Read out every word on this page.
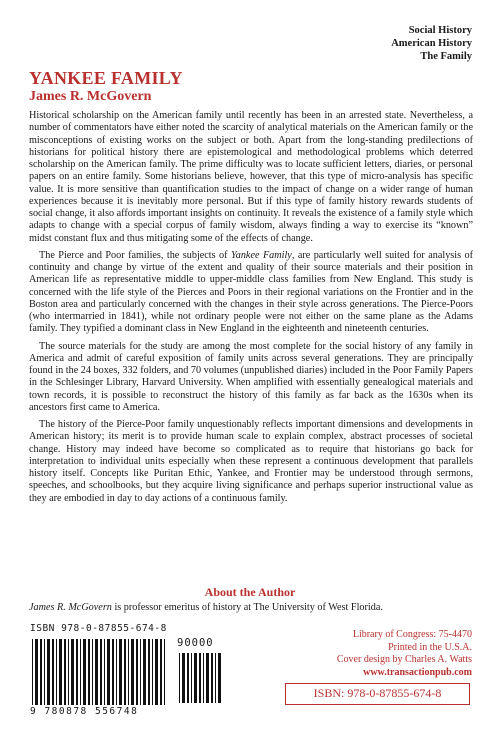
Social History
American History
The Family
YANKEE FAMILY
James R. McGovern

Historical scholarship on the American family until recently has been in an arrested state. Nevertheless, a number of commentators have either noted the scarcity of analytical materials on the American family or the misconceptions of existing works on the subject or both. Apart from the long-standing predilections of historians for political history there are epistemological and methodological problems which deterred scholarship on the American family. The prime difficulty was to locate sufficient letters, diaries, or personal papers on an entire family. Some historians believe, however, that this type of micro-analysis has specific value. It is more sensitive than quantification studies to the impact of change on a wider range of human experiences because it is inevitably more personal. But if this type of family history rewards students of social change, it also affords important insights on continuity. It reveals the existence of a family style which adapts to change with a special corpus of family wisdom, always finding a way to exercise its “known” midst constant flux and thus mitigating some of the effects of change.

The Pierce and Poor families, the subjects of Yankee Family, are particularly well suited for analysis of continuity and change by virtue of the extent and quality of their source materials and their position in American life as representative middle to upper-middle class families from New England. This study is concerned with the life style of the Pierces and Poors in their regional variations on the Frontier and in the Boston area and particularly concerned with the changes in their style across generations. The Pierce-Poors (who intermarried in 1841), while not ordinary people were not either on the same plane as the Adams family. They typified a dominant class in New England in the eighteenth and nineteenth centuries.

The source materials for the study are among the most complete for the social history of any family in America and admit of careful exposition of family units across several generations. They are principally found in the 24 boxes, 332 folders, and 70 volumes (unpublished diaries) included in the Poor Family Papers in the Schlesinger Library, Harvard University. When amplified with essentially genealogical materials and town records, it is possible to reconstruct the history of this family as far back as the 1630s when its ancestors first came to America.

The history of the Pierce-Poor family unquestionably reflects important dimensions and developments in American history; its merit is to provide human scale to explain complex, abstract processes of societal change. History may indeed have become so complicated as to require that historians go back for interpretation to individual units especially when these represent a continuous development that parallels history itself. Concepts like Puritan Ethic, Yankee, and Frontier may be understood through sermons, speeches, and schoolbooks, but they acquire living significance and perhaps superior instructional value as they are embodied in day to day actions of a continuous family.

About the Author
James R. McGovern is professor emeritus of history at The University of West Florida.
ISBN 978-0-87855-674-8
90000
9 780878 556748
Library of Congress: 75-4470
Printed in the U.S.A.
Cover design by Charles A. Watts
www.transactionpub.com
ISBN: 978-0-87855-674-8
